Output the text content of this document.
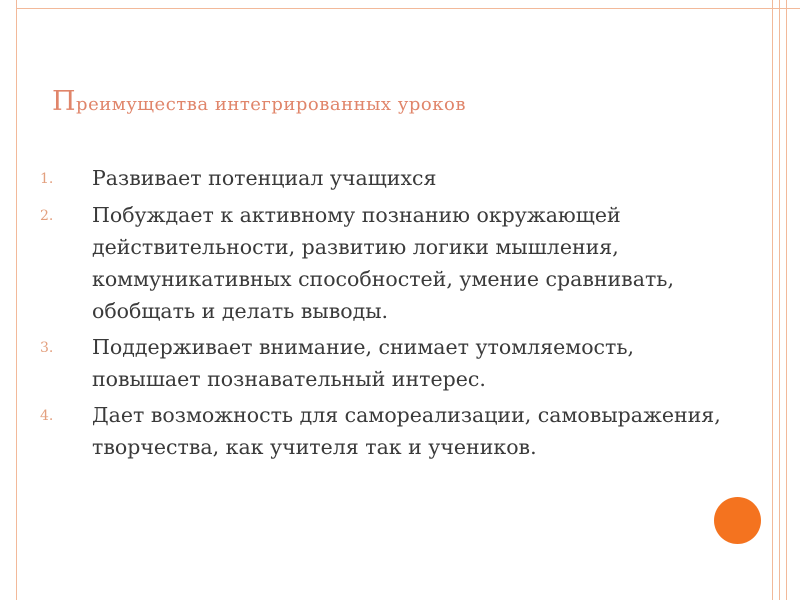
Преимущества интегрированных уроков
1.	Развивает потенциал учащихся
2.	Побуждает к активному познанию окружающей действительности, развитию логики мышления, коммуникативных способностей, умение сравнивать, обобщать и делать выводы.
3.	Поддерживает внимание, снимает утомляемость, повышает познавательный интерес.
4.	Дает возможность для самореализации, самовыражения, творчества, как учителя так и учеников.
